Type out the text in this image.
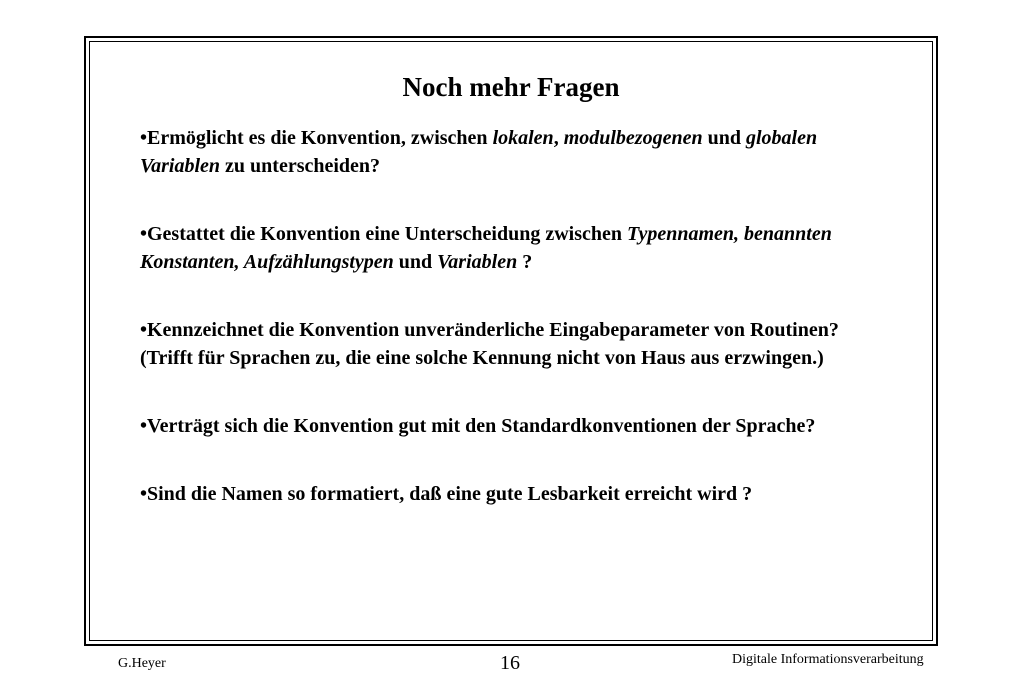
Noch mehr Fragen
•Ermöglicht es die Konvention, zwischen lokalen, modulbezogenen und globalen Variablen zu unterscheiden?
•Gestattet die Konvention eine Unterscheidung zwischen Typennamen, benannten Konstanten, Aufzählungstypen und Variablen ?
•Kennzeichnet die Konvention unveränderliche Eingabeparameter von Routinen? (Trifft für Sprachen zu, die eine solche Kennung nicht von Haus aus erzwingen.)
•Verträgt sich die Konvention gut mit den Standardkonventionen der Sprache?
•Sind die Namen so formatiert, daß eine gute Lesbarkeit erreicht wird ?
G.Heyer	16	Digitale Informationsverarbeitung
